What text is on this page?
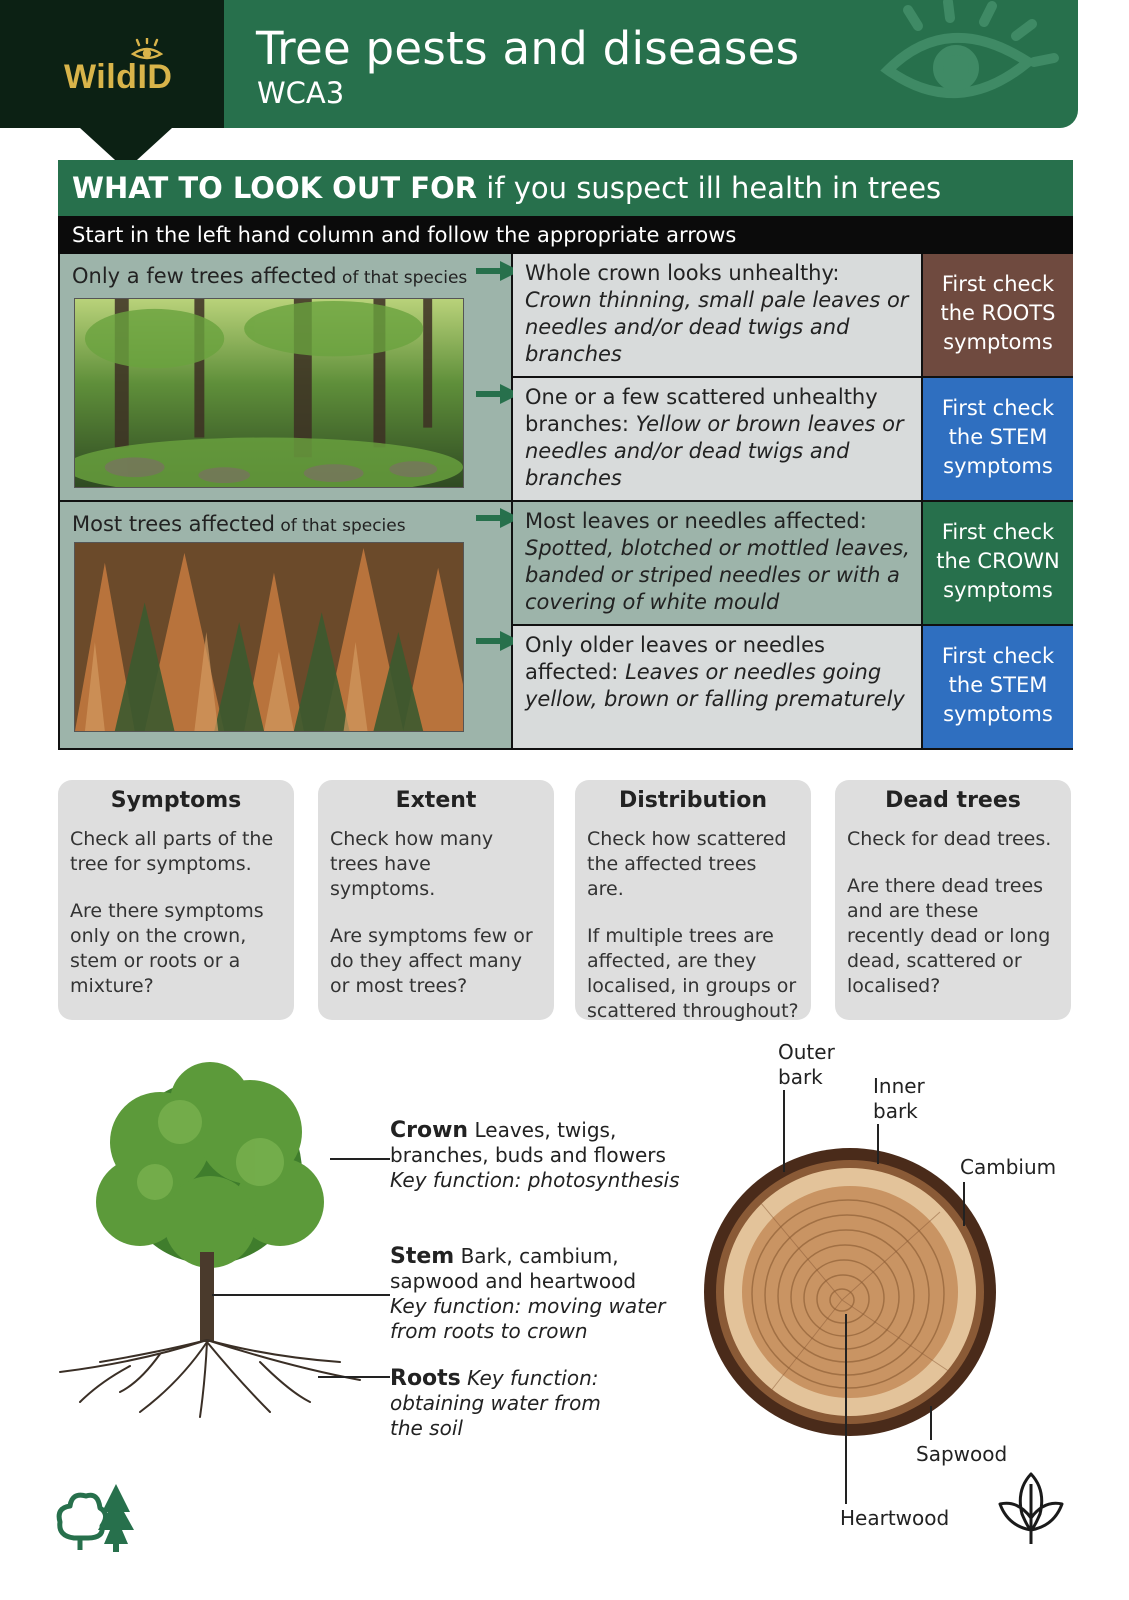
WildID
Tree pests and diseases
WCA3
WHAT TO LOOK OUT FOR if you suspect ill health in trees
Start in the left hand column and follow the appropriate arrows
Only a few trees affected of that species
Most trees affected of that species
Whole crown looks unhealthy:
Crown thinning, small pale leaves or needles and/or dead twigs and branches
One or a few scattered unhealthy branches: Yellow or brown leaves or needles and/or dead twigs and branches
Most leaves or needles affected:
Spotted, blotched or mottled leaves, banded or striped needles or with a covering of white mould
Only older leaves or needles affected: Leaves or needles going yellow, brown or falling prematurely
First check the ROOTS symptoms
First check the STEM symptoms
First check the CROWN symptoms
First check the STEM symptoms
Symptoms

Check all parts of the tree for symptoms.

Are there symptoms only on the crown, stem or roots or a mixture?

Extent

Check how many trees have symptoms.

Are symptoms few or do they affect many or most trees?

Distribution

Check how scattered the affected trees are.

If multiple trees are affected, are they localised, in groups or scattered throughout?

Dead trees

Check for dead trees.

Are there dead trees and are these recently dead or long dead, scattered or localised?

Crown Leaves, twigs, branches, buds and flowers
Key function: photosynthesis
Stem Bark, cambium, sapwood and heartwood
Key function: moving water from roots to crown
Roots Key function: obtaining water from the soil
Outer
bark	Inner
bark
Cambium
Sapwood
Heartwood
